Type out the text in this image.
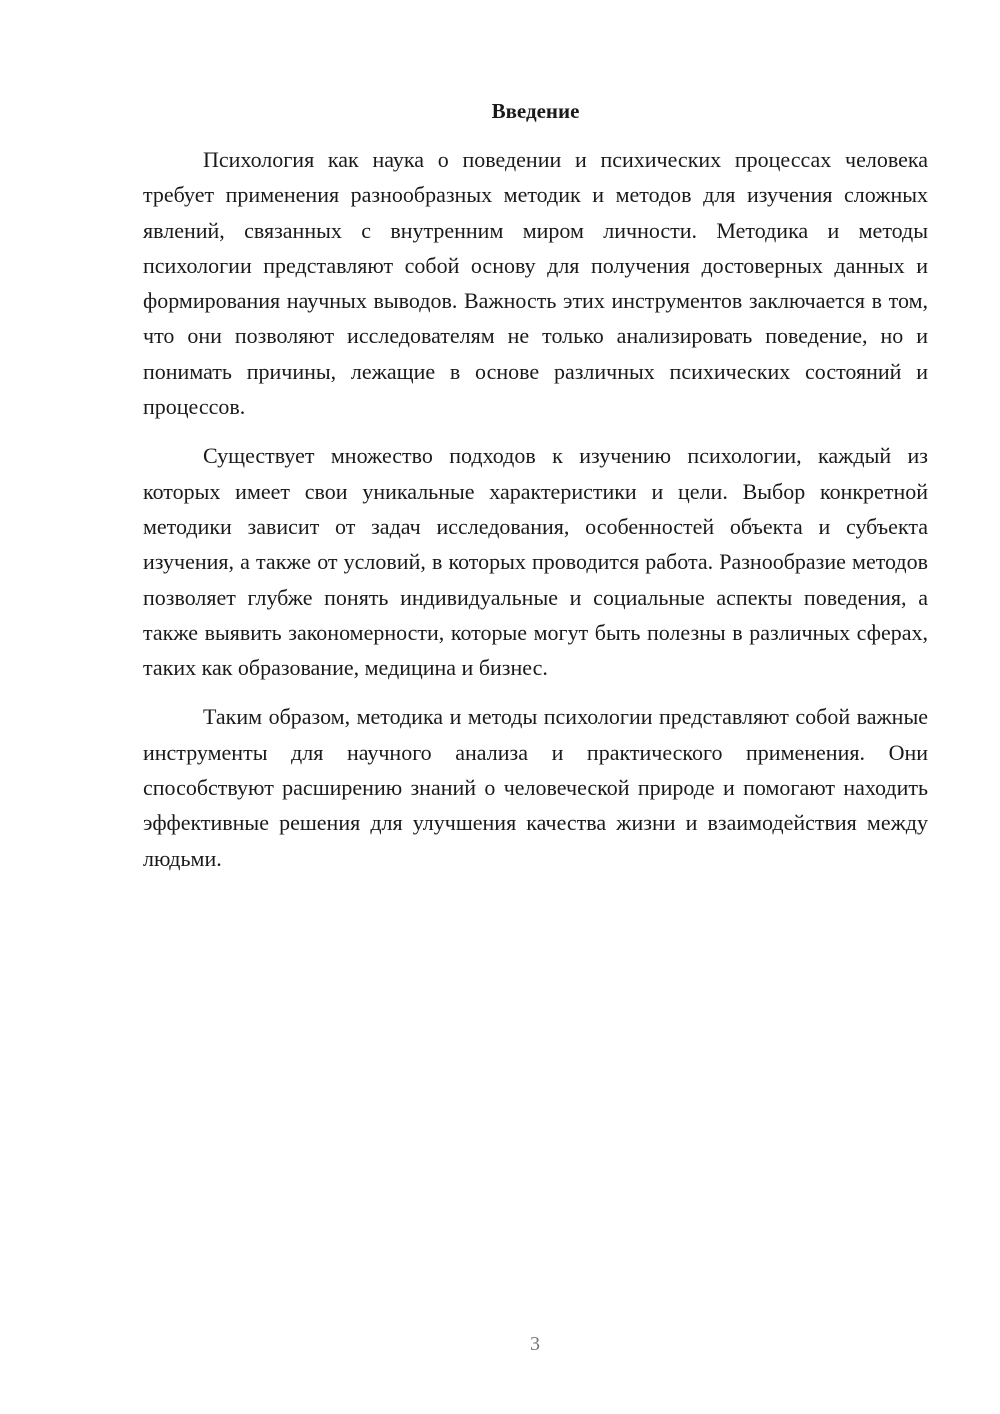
Введение

Психология как наука о поведении и психических процессах человека требует применения разнообразных методик и методов для изучения сложных явлений, связанных с внутренним миром личности. Методика и методы психологии представляют собой основу для получения достоверных данных и формирования научных выводов. Важность этих инструментов заключается в том, что они позволяют исследователям не только анализировать поведение, но и понимать причины, лежащие в основе различных психических состояний и процессов.

Существует множество подходов к изучению психологии, каждый из которых имеет свои уникальные характеристики и цели. Выбор конкретной методики зависит от задач исследования, особенностей объекта и субъекта изучения, а также от условий, в которых проводится работа. Разнообразие методов позволяет глубже понять индивидуальные и социальные аспекты поведения, а также выявить закономерности, которые могут быть полезны в различных сферах, таких как образование, медицина и бизнес.

Таким образом, методика и методы психологии представляют собой важные инструменты для научного анализа и практического применения. Они способствуют расширению знаний о человеческой природе и помогают находить эффективные решения для улучшения качества жизни и взаимодействия между людьми.

3
